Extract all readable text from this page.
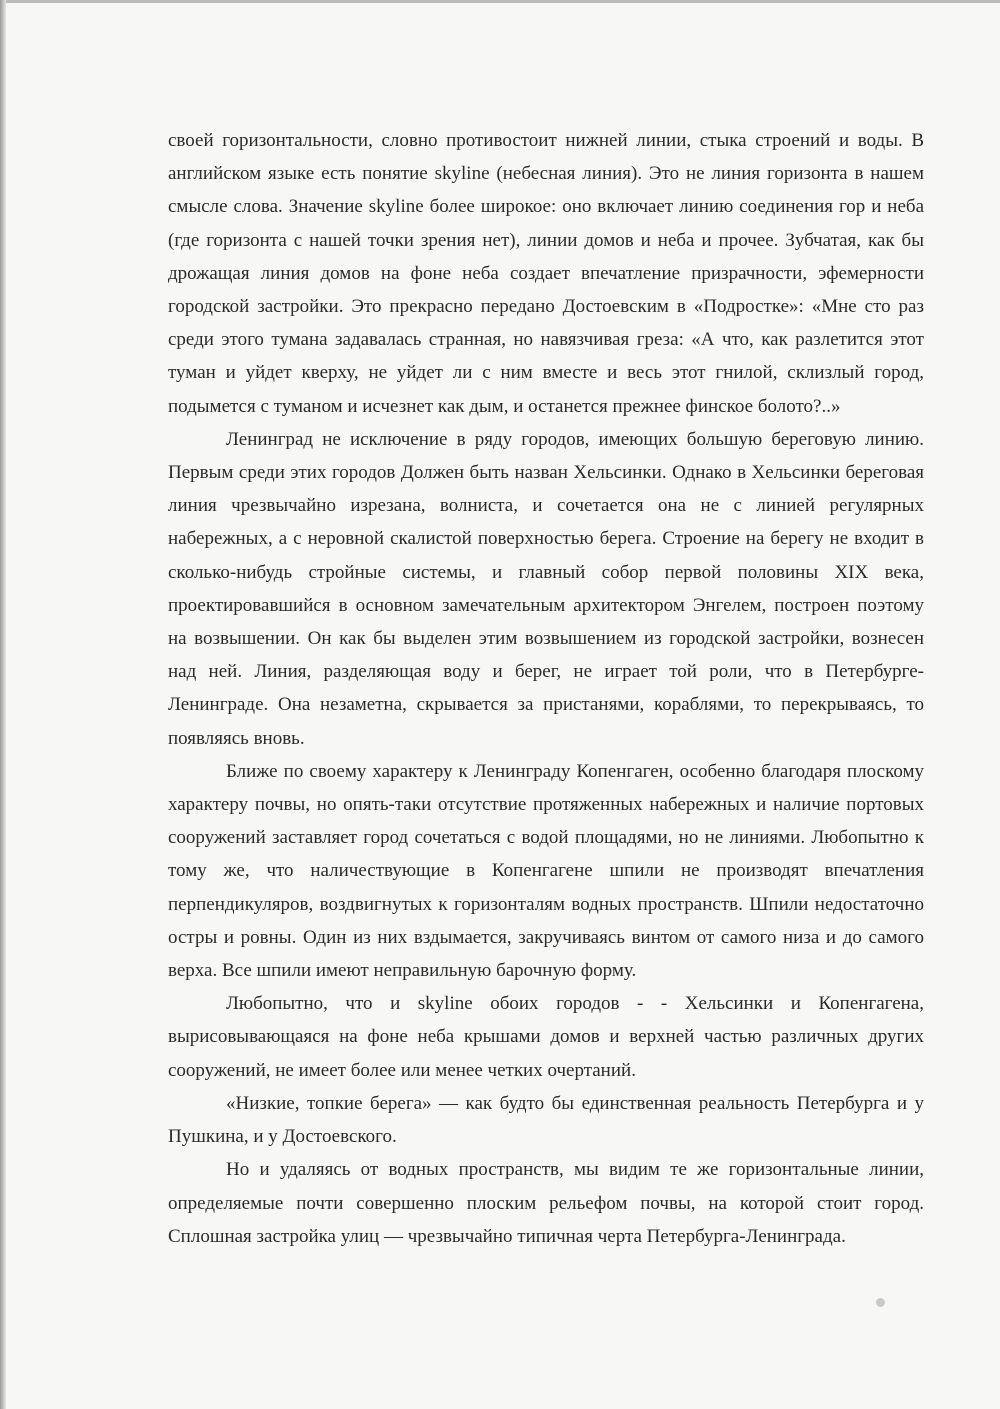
своей горизонтальности, словно противостоит нижней линии, стыка строений и воды. В английском языке есть понятие skyline (небесная линия). Это не линия горизонта в нашем смысле слова. Значение skyline более широкое: оно включает линию соединения гор и неба (где горизонта с нашей точки зрения нет), линии домов и неба и прочее. Зубчатая, как бы дрожащая линия домов на фоне неба создает впечатление призрачности, эфемерности городской застройки. Это прекрасно передано Достоевским в «Подростке»: «Мне сто раз среди этого тумана задавалась странная, но навязчивая греза: «А что, как разлетится этот туман и уйдет кверху, не уйдет ли с ним вместе и весь этот гнилой, склизлый город, подымется с туманом и исчезнет как дым, и останется прежнее финское болото?..»

Ленинград не исключение в ряду городов, имеющих большую береговую линию. Первым среди этих городов Должен быть назван Хельсинки. Однако в Хельсинки береговая линия чрезвычайно изрезана, волниста, и сочетается она не с линией регулярных набережных, а с неровной скалистой поверхностью берега. Строение на берегу не входит в сколько-нибудь стройные системы, и главный собор первой половины XIX века, проектировавшийся в основном замечательным архитектором Энгелем, построен поэтому на возвышении. Он как бы выделен этим возвышением из городской застройки, вознесен над ней. Линия, разделяющая воду и берег, не играет той роли, что в Петербурге-Ленинграде. Она незаметна, скрывается за пристанями, кораблями, то перекрываясь, то появляясь вновь.

Ближе по своему характеру к Ленинграду Копенгаген, особенно благодаря плоскому характеру почвы, но опять-таки отсутствие протяженных набережных и наличие портовых сооружений заставляет город сочетаться с водой площадями, но не линиями. Любопытно к тому же, что наличествующие в Копенгагене шпили не производят впечатления перпендикуляров, воздвигнутых к горизонталям водных пространств. Шпили недостаточно остры и ровны. Один из них вздымается, закручиваясь винтом от самого низа и до самого верха. Все шпили имеют неправильную барочную форму.

Любопытно, что и skyline обоих городов - - Хельсинки и Копенгагена, вырисовывающаяся на фоне неба крышами домов и верхней частью различных других сооружений, не имеет более или менее четких очертаний.

«Низкие, топкие берега» — как будто бы единственная реальность Петербурга и у Пушкина, и у Достоевского.

Но и удаляясь от водных пространств, мы видим те же горизонтальные линии, определяемые почти совершенно плоским рельефом почвы, на которой стоит город. Сплошная застройка улиц — чрезвычайно типичная черта Петербурга-Ленинграда.
